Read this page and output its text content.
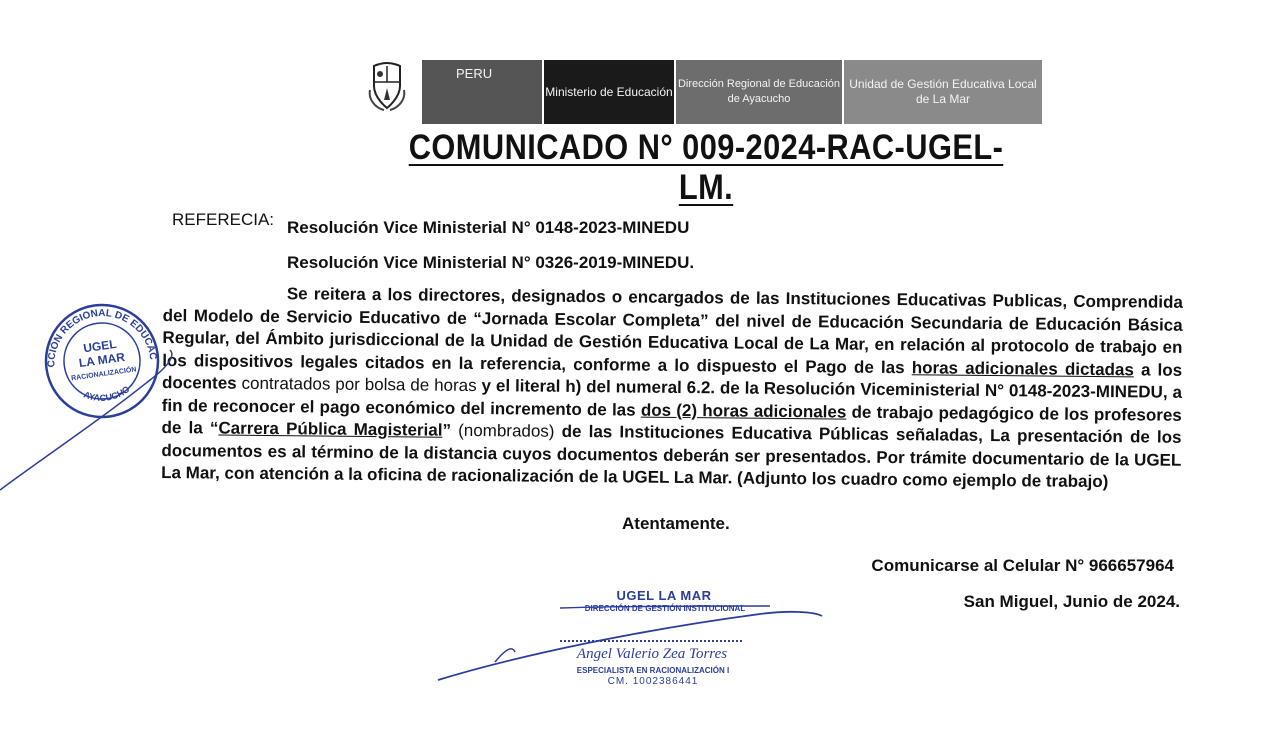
PERU
Ministerio de Educación
Dirección Regional de Educación de Ayacucho
Unidad de Gestión Educativa Local de La Mar
COMUNICADO N° 009-2024-RAC-UGEL-LM.
REFERECIA: Resolución Vice Ministerial N° 0148-2023-MINEDU
Resolución Vice Ministerial N° 0326-2019-MINEDU.
Se reitera a los directores, designados o encargados de las Instituciones Educativas Publicas, Comprendida del Modelo de Servicio Educativo de “Jornada Escolar Completa” del nivel de Educación Secundaria de Educación Básica Regular, del Ámbito jurisdiccional de la Unidad de Gestión Educativa Local de La Mar, en relación al protocolo de trabajo en los dispositivos legales citados en la referencia, conforme a lo dispuesto el Pago de las horas adicionales dictadas a los docentes contratados por bolsa de horas y el literal h) del numeral 6.2. de la Resolución Viceministerial N° 0148-2023-MINEDU, a fin de reconocer el pago económico del incremento de las dos (2) horas adicionales de trabajo pedagógico de los profesores de la “Carrera Pública Magisterial” (nombrados) de las Instituciones Educativa Públicas señaladas, La presentación de los documentos es al término de la distancia cuyos documentos deberán ser presentados. Por trámite documentario de la UGEL La Mar, con atención a la oficina de racionalización de la UGEL La Mar. (Adjunto los cuadro como ejemplo de trabajo)
Atentamente.
Comunicarse al Celular N° 966657964
San Miguel, Junio de 2024.
DIRECCIÓN REGIONAL DE EDUCACIÓN
AYACUCHO
UGEL
LA MAR
RACIONALIZACIÓN
UGEL LA MAR
DIRECCIÓN DE GESTIÓN INSTITUCIONAL
Angel Valerio Zea Torres
ESPECIALISTA EN RACIONALIZACIÓN I
CM. 1002386441
